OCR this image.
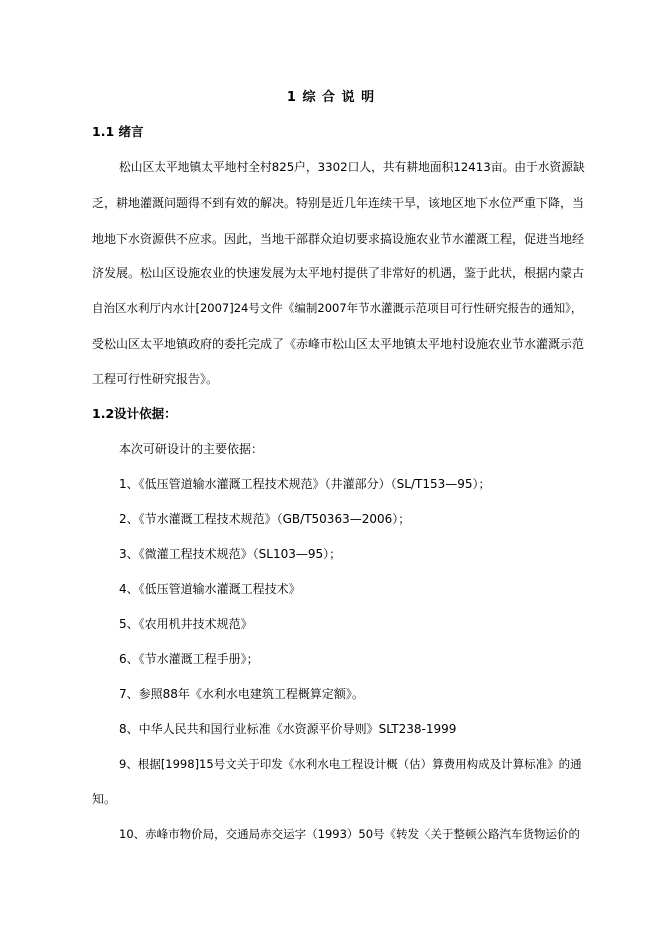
1 综 合 说 明
1.1 绪言
松山区太平地镇太平地村全村825户，3302口人，共有耕地面积12413亩。由于水资源缺
乏，耕地灌溉问题得不到有效的解决。特别是近几年连续干旱，该地区地下水位严重下降，当
地地下水资源供不应求。因此，当地干部群众迫切要求搞设施农业节水灌溉工程，促进当地经
济发展。松山区设施农业的快速发展为太平地村提供了非常好的机遇，鉴于此状，根据内蒙古
自治区水利厅内水计[2007]24号文件《编制2007年节水灌溉示范项目可行性研究报告的通知》，
受松山区太平地镇政府的委托完成了《赤峰市松山区太平地镇太平地村设施农业节水灌溉示范
工程可行性研究报告》。
1.2设计依据：
本次可研设计的主要依据：
1、《低压管道输水灌溉工程技术规范》（井灌部分）（SL/T153—95）；
2、《节水灌溉工程技术规范》（GB/T50363—2006）；
3、《微灌工程技术规范》（SL103—95）；
4、《低压管道输水灌溉工程技术》
5、《农用机井技术规范》
6、《节水灌溉工程手册》；
7、参照88年《水利水电建筑工程概算定额》。
8、中华人民共和国行业标准《水资源平价导则》SLT238-1999
9、根据[1998]15号文关于印发《水利水电工程设计概（估）算费用构成及计算标准》的通
知。
10、赤峰市物价局，交通局赤交运字（1993）50号《转发〈关于整顿公路汽车货物运价的
